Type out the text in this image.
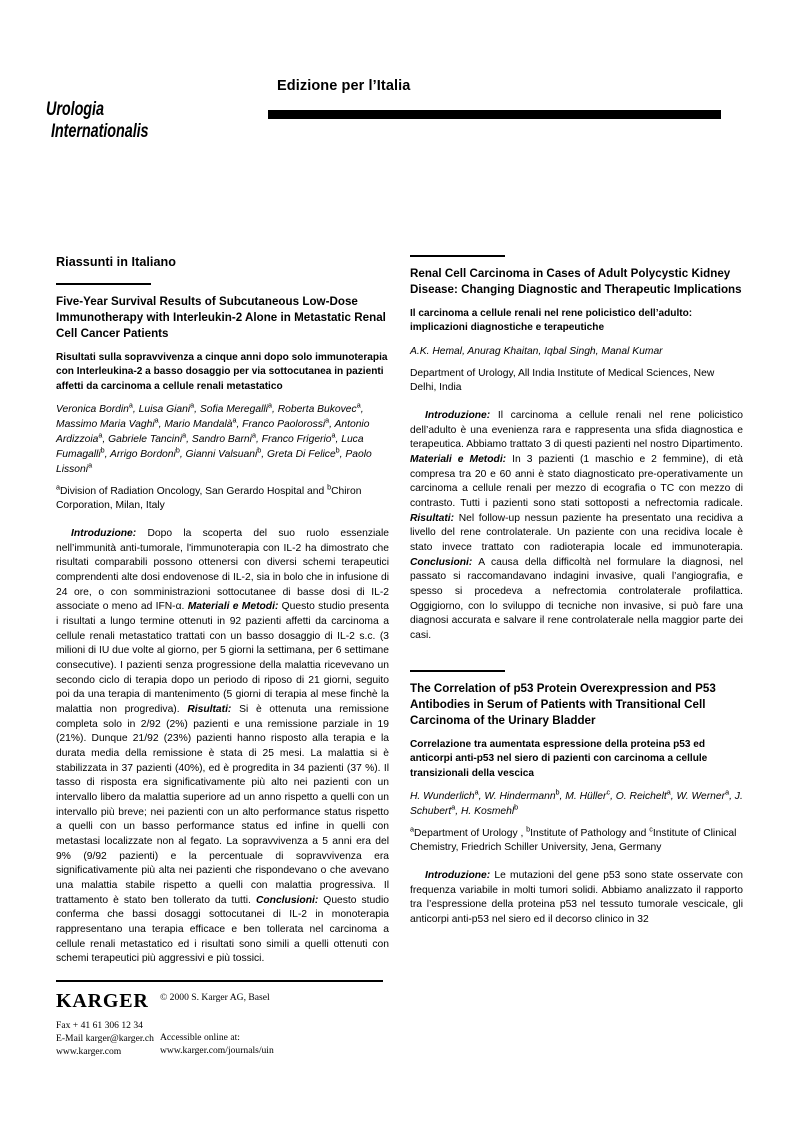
Edizione per l’Italia
Urologia
Internationalis
Riassunti in Italiano
Five-Year Survival Results of Subcutaneous Low-Dose Immunotherapy with Interleukin-2 Alone in Metastatic Renal Cell Cancer Patients
Risultati sulla sopravvivenza a cinque anni dopo solo immunoterapia con Interleukina-2 a basso dosaggio per via sottocutanea in pazienti affetti da carcinoma a cellule renali metastatico
Veronica Bordin$^a$, Luisa Giani$^a$, Sofia Meregalli$^a$, Roberta Bukovec$^a$, Massimo Maria Vaghi$^a$, Mario Mandalà$^a$, Franco Paolorossi$^a$, Antonio Ardizzoia$^a$, Gabriele Tancini$^a$, Sandro Barni$^a$, Franco Frigerio$^a$, Luca Fumagalli$^b$, Arrigo Bordoni$^b$, Gianni Valsuani$^b$, Greta Di Felice$^b$, Paolo Lissoni$^a$
$^a$Division of Radiation Oncology, San Gerardo Hospital and $^b$Chiron Corporation, Milan, Italy
Introduzione: Dopo la scoperta del suo ruolo essenziale nell’immunità anti-tumorale, l'immunoterapia con IL-2 ha dimostrato che risultati comparabili possono ottenersi con diversi schemi terapeutici comprendenti alte dosi endovenose di IL-2, sia in bolo che in infusione di 24 ore, o con somministrazioni sottocutanee di basse dosi di IL-2 associate o meno ad IFN-α. Materiali e Metodi: Questo studio presenta i risultati a lungo termine ottenuti in 92 pazienti affetti da carcinoma a cellule renali metastatico trattati con un basso dosaggio di IL-2 s.c. (3 milioni di IU due volte al giorno, per 5 giorni la settimana, per 6 settimane consecutive). I pazienti senza progressione della malattia ricevevano un secondo ciclo di terapia dopo un periodo di riposo di 21 giorni, seguito poi da una terapia di mantenimento (5 giorni di terapia al mese finchè la malattia non progrediva). Risultati: Si è ottenuta una remissione completa solo in 2/92 (2%) pazienti e una remissione parziale in 19 (21%). Dunque 21/92 (23%) pazienti hanno risposto alla terapia e la durata media della remissione è stata di 25 mesi. La malattia si è stabilizzata in 37 pazienti (40%), ed è progredita in 34 pazienti (37 %). Il tasso di risposta era significativamente più alto nei pazienti con un intervallo libero da malattia superiore ad un anno rispetto a quelli con un intervallo più breve; nei pazienti con un alto performance status rispetto a quelli con un basso performance status ed infine in quelli con metastasi localizzate non al fegato. La sopravvivenza a 5 anni era del 9% (9/92 pazienti) e la percentuale di sopravvivenza era significativamente più alta nei pazienti che rispondevano o che avevano una malattia stabile rispetto a quelli con malattia progressiva. Il trattamento è stato ben tollerato da tutti. Conclusioni: Questo studio conferma che bassi dosaggi sottocutanei di IL-2 in monoterapia rappresentano una terapia efficace e ben tollerata nel carcinoma a cellule renali metastatico ed i risultati sono simili a quelli ottenuti con schemi terapeutici più aggressivi e più tossici.
Renal Cell Carcinoma in Cases of Adult Polycystic Kidney Disease: Changing Diagnostic and Therapeutic Implications
Il carcinoma a cellule renali nel rene policistico dell’adulto: implicazioni diagnostiche e terapeutiche
A.K. Hemal, Anurag Khaitan, Iqbal Singh, Manal Kumar
Department of Urology, All India Institute of Medical Sciences, New Delhi, India
Introduzione: Il carcinoma a cellule renali nel rene policistico dell’adulto è una evenienza rara e rappresenta una sfida diagnostica e terapeutica. Abbiamo trattato 3 di questi pazienti nel nostro Dipartimento. Materiali e Metodi: In 3 pazienti (1 maschio e 2 femmine), di età compresa tra 20 e 60 anni è stato diagnosticato pre-operativamente un carcinoma a cellule renali per mezzo di ecografia o TC con mezzo di contrasto. Tutti i pazienti sono stati sottoposti a nefrectomia radicale. Risultati: Nel follow-up nessun paziente ha presentato una recidiva a livello del rene controlaterale. Un paziente con una recidiva locale è stato invece trattato con radioterapia locale ed immunoterapia. Conclusioni: A causa della difficoltà nel formulare la diagnosi, nel passato si raccomandavano indagini invasive, quali l’angiografia, e spesso si procedeva a nefrectomia controlaterale profilattica. Oggigiorno, con lo sviluppo di tecniche non invasive, si può fare una diagnosi accurata e salvare il rene controlaterale nella maggior parte dei casi.
The Correlation of p53 Protein Overexpression and P53 Antibodies in Serum of Patients with Transitional Cell Carcinoma of the Urinary Bladder
Correlazione tra aumentata espressione della proteina p53 ed anticorpi anti-p53 nel siero di pazienti con carcinoma a cellule transizionali della vescica
H. Wunderlich$^a$, W. Hindermann$^b$, M. Hüller$^c$, O. Reichelt$^a$, W. Werner$^a$, J. Schubert$^a$, H. Kosmehl$^b$
$^a$Department of Urology , $^b$Institute of Pathology and $^c$Institute of Clinical Chemistry, Friedrich Schiller University, Jena, Germany
Introduzione: Le mutazioni del gene p53 sono state osservate con frequenza variabile in molti tumori solidi. Abbiamo analizzato il rapporto tra l’espressione della proteina p53 nel tessuto tumorale vescicale, gli anticorpi anti-p53 nel siero ed il decorso clinico in 32
KARGER
Fax + 41 61 306 12 34
E-Mail karger@karger.ch
www.karger.com
© 2000 S. Karger AG, Basel
Accessible online at:
www.karger.com/journals/uin
